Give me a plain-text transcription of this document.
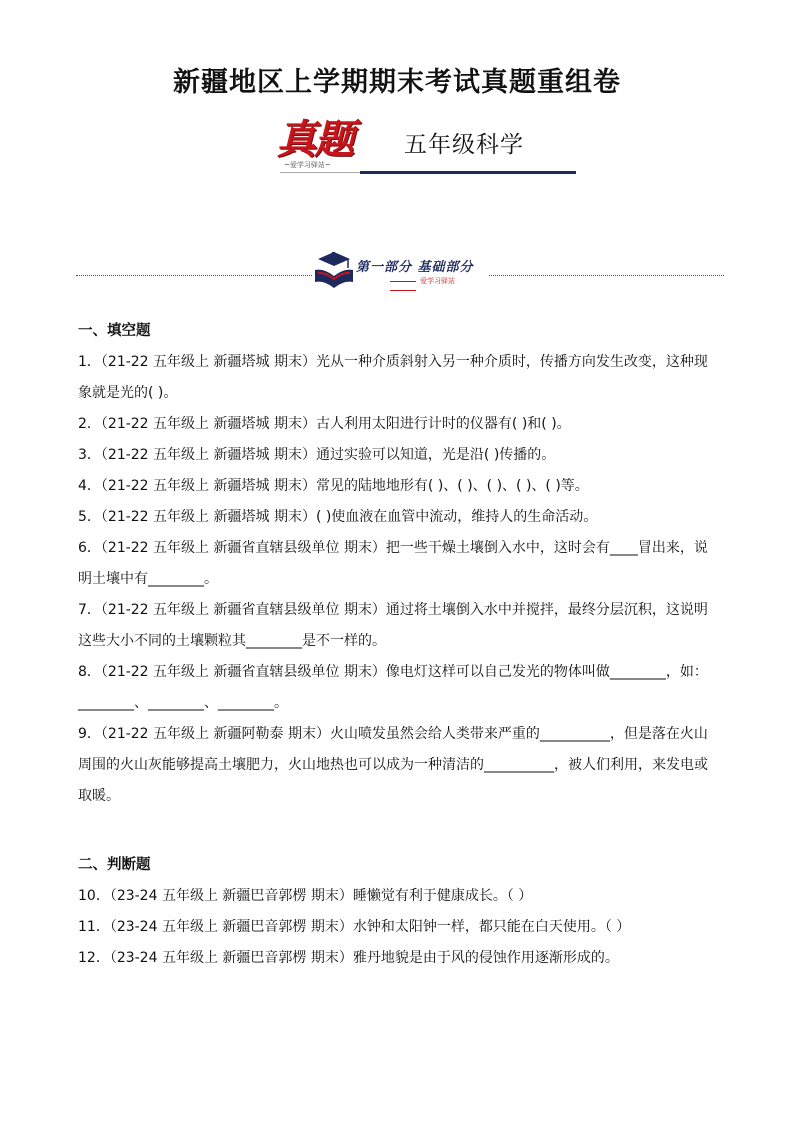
新疆地区上学期期末考试真题重组卷
真题
~爱学习驿站~
五年级科学
第一部分 基础部分
爱学习驿站
一、填空题

1．（21-22 五年级上 新疆塔城 期末）光从一种介质斜射入另一种介质时，传播方向发生改变，这种现象就是光的( )。

2．（21-22 五年级上 新疆塔城 期末）古人利用太阳进行计时的仪器有( )和( )。

3．（21-22 五年级上 新疆塔城 期末）通过实验可以知道，光是沿( )传播的。

4．（21-22 五年级上 新疆塔城 期末）常见的陆地地形有( )、( )、( )、( )、( )等。

5．（21-22 五年级上 新疆塔城 期末）( )使血液在血管中流动，维持人的生命活动。

6．（21-22 五年级上 新疆省直辖县级单位 期末）把一些干燥土壤倒入水中，这时会有____冒出来，说明土壤中有________。

7．（21-22 五年级上 新疆省直辖县级单位 期末）通过将土壤倒入水中并搅拌，最终分层沉积，这说明这些大小不同的土壤颗粒其________是不一样的。

8．（21-22 五年级上 新疆省直辖县级单位 期末）像电灯这样可以自己发光的物体叫做________，如：________、________、________。

9．（21-22 五年级上 新疆阿勒泰 期末）火山喷发虽然会给人类带来严重的__________，但是落在火山周围的火山灰能够提高土壤肥力，火山地热也可以成为一种清洁的__________，被人们利用，来发电或取暖。

二、判断题

10．（23-24 五年级上 新疆巴音郭楞 期末）睡懒觉有利于健康成长。（ ）

11．（23-24 五年级上 新疆巴音郭楞 期末）水钟和太阳钟一样，都只能在白天使用。（ ）

12．（23-24 五年级上 新疆巴音郭楞 期末）雅丹地貌是由于风的侵蚀作用逐渐形成的。
